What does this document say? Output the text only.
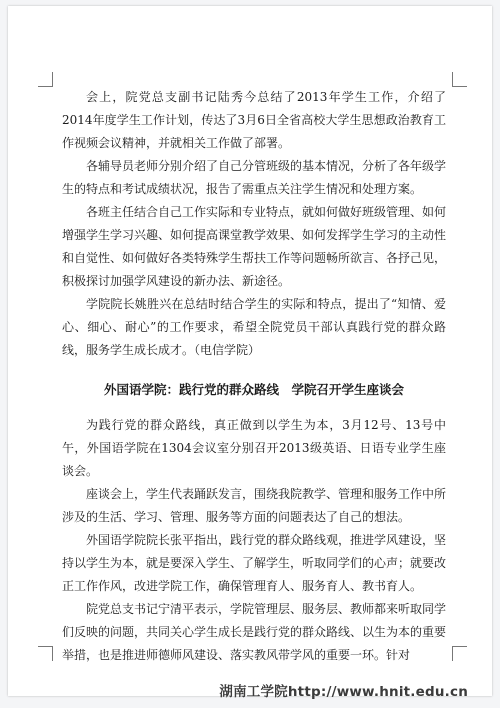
会上，院党总支副书记陆秀今总结了2013年学生工作，介绍了2014年度学生工作计划，传达了3月6日全省高校大学生思想政治教育工作视频会议精神，并就相关工作做了部署。

各辅导员老师分别介绍了自己分管班级的基本情况，分析了各年级学生的特点和考试成绩状况，报告了需重点关注学生情况和处理方案。

各班主任结合自己工作实际和专业特点，就如何做好班级管理、如何增强学生学习兴趣、如何提高课堂教学效果、如何发挥学生学习的主动性和自觉性、如何做好各类特殊学生帮扶工作等问题畅所欲言、各抒己见，积极探讨加强学风建设的新办法、新途径。

学院院长姚胜兴在总结时结合学生的实际和特点，提出了“知情、爱心、细心、耐心”的工作要求，希望全院党员干部认真践行党的群众路线，服务学生成长成才。（电信学院）

外国语学院：践行党的群众路线　学院召开学生座谈会

为践行党的群众路线，真正做到以学生为本，3月12号、13号中午，外国语学院在1304会议室分别召开2013级英语、日语专业学生座谈会。

座谈会上，学生代表踊跃发言，围绕我院教学、管理和服务工作中所涉及的生活、学习、管理、服务等方面的问题表达了自己的想法。

外国语学院院长张平指出，践行党的群众路线观，推进学风建设，坚持以学生为本，就是要深入学生、了解学生，听取同学们的心声；就要改正工作作风，改进学院工作，确保管理育人、服务育人、教书育人。

院党总支书记宁清平表示，学院管理层、服务层、教师都来听取同学们反映的问题，共同关心学生成长是践行党的群众路线、以生为本的重要举措，也是推进师德师风建设、落实教风带学风的重要一环。针对

湖南工学院http://www.hnit.edu.cn
